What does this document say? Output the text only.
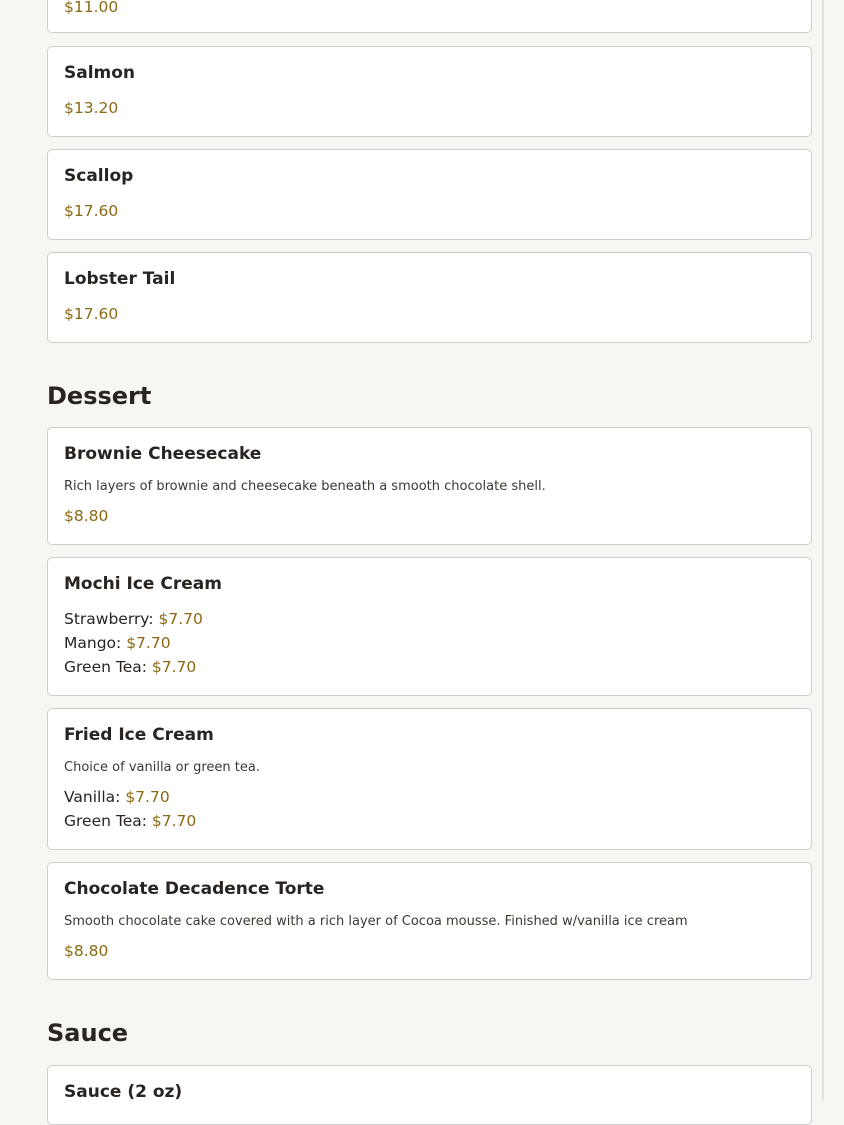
$11.00
Salmon
$13.20
Scallop
$17.60
Lobster Tail
$17.60
Dessert
Brownie Cheesecake
Rich layers of brownie and cheesecake beneath a smooth chocolate shell.
$8.80
Mochi Ice Cream
Strawberry: $7.70
Mango: $7.70
Green Tea: $7.70
Fried Ice Cream
Choice of vanilla or green tea.
Vanilla: $7.70
Green Tea: $7.70
Chocolate Decadence Torte
Smooth chocolate cake covered with a rich layer of Cocoa mousse. Finished w/vanilla ice cream
$8.80
Sauce
Sauce (2 oz)
